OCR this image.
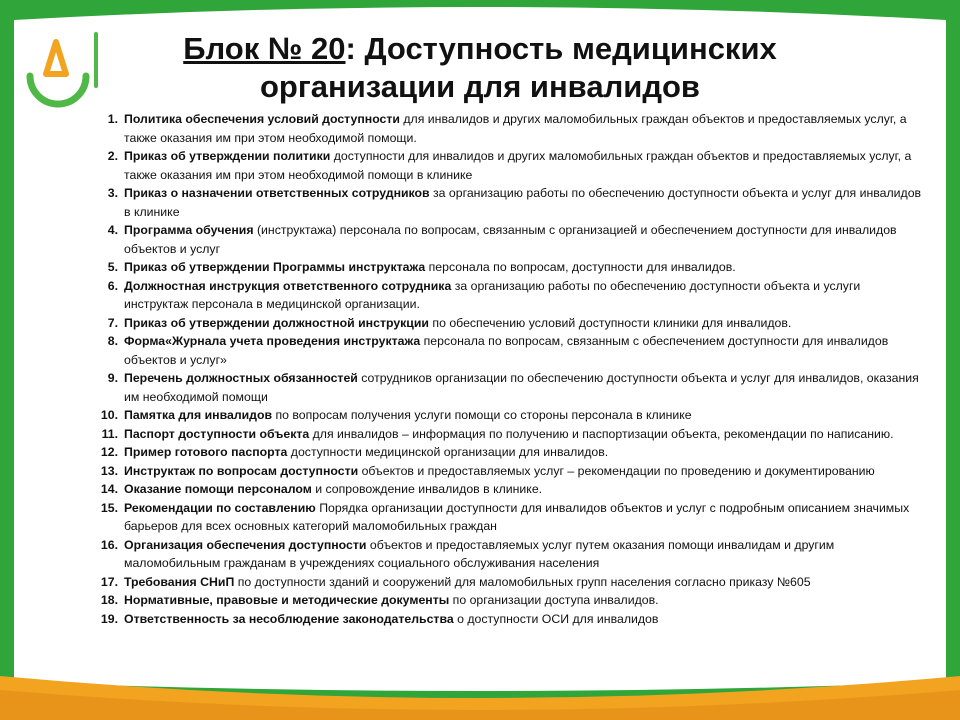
Блок № 20: Доступность медицинских
организации для инвалидов
1. Политика обеспечения условий доступности для инвалидов и других маломобильных граждан объектов и предоставляемых услуг, а также оказания им при этом необходимой помощи.
2. Приказ об утверждении политики доступности для инвалидов и других маломобильных граждан объектов и предоставляемых услуг, а также оказания им при этом необходимой помощи в клинике
3. Приказ о назначении ответственных сотрудников за организацию работы по обеспечению доступности объекта и услуг для инвалидов в клинике
4. Программа обучения (инструктажа) персонала по вопросам, связанным с организацией и обеспечением доступности для инвалидов объектов и услуг
5. Приказ об утверждении Программы инструктажа персонала по вопросам, доступности для инвалидов.
6. Должностная инструкция ответственного сотрудника за организацию работы по обеспечению доступности объекта и услуги инструктаж персонала в медицинской организации.
7. Приказ об утверждении должностной инструкции по обеспечению условий доступности клиники для инвалидов.
8. Форма«Журнала учета проведения инструктажа персонала по вопросам, связанным с обеспечением доступности для инвалидов объектов и услуг»
9. Перечень должностных обязанностей сотрудников организации по обеспечению доступности объекта и услуг для инвалидов, оказания им необходимой помощи
10. Памятка для инвалидов по вопросам получения услуги помощи со стороны персонала в клинике
11. Паспорт доступности объекта для инвалидов – информация по получению и паспортизации объекта, рекомендации по написанию.
12. Пример готового паспорта доступности медицинской организации для инвалидов.
13. Инструктаж по вопросам доступности объектов и предоставляемых услуг – рекомендации по проведению и документированию
14. Оказание помощи персоналом и сопровождение инвалидов в клинике.
15. Рекомендации по составлению Порядка организации доступности для инвалидов объектов и услуг с подробным описанием значимых барьеров для всех основных категорий маломобильных граждан
16. Организация обеспечения доступности объектов и предоставляемых услуг путем оказания помощи инвалидам и другим маломобильным гражданам в учреждениях социального обслуживания населения
17. Требования СНиП по доступности зданий и сооружений для маломобильных групп населения согласно приказу №605
18. Нормативные, правовые и методические документы по организации доступа инвалидов.
19. Ответственность за несоблюдение законодательства о доступности ОСИ для инвалидов
